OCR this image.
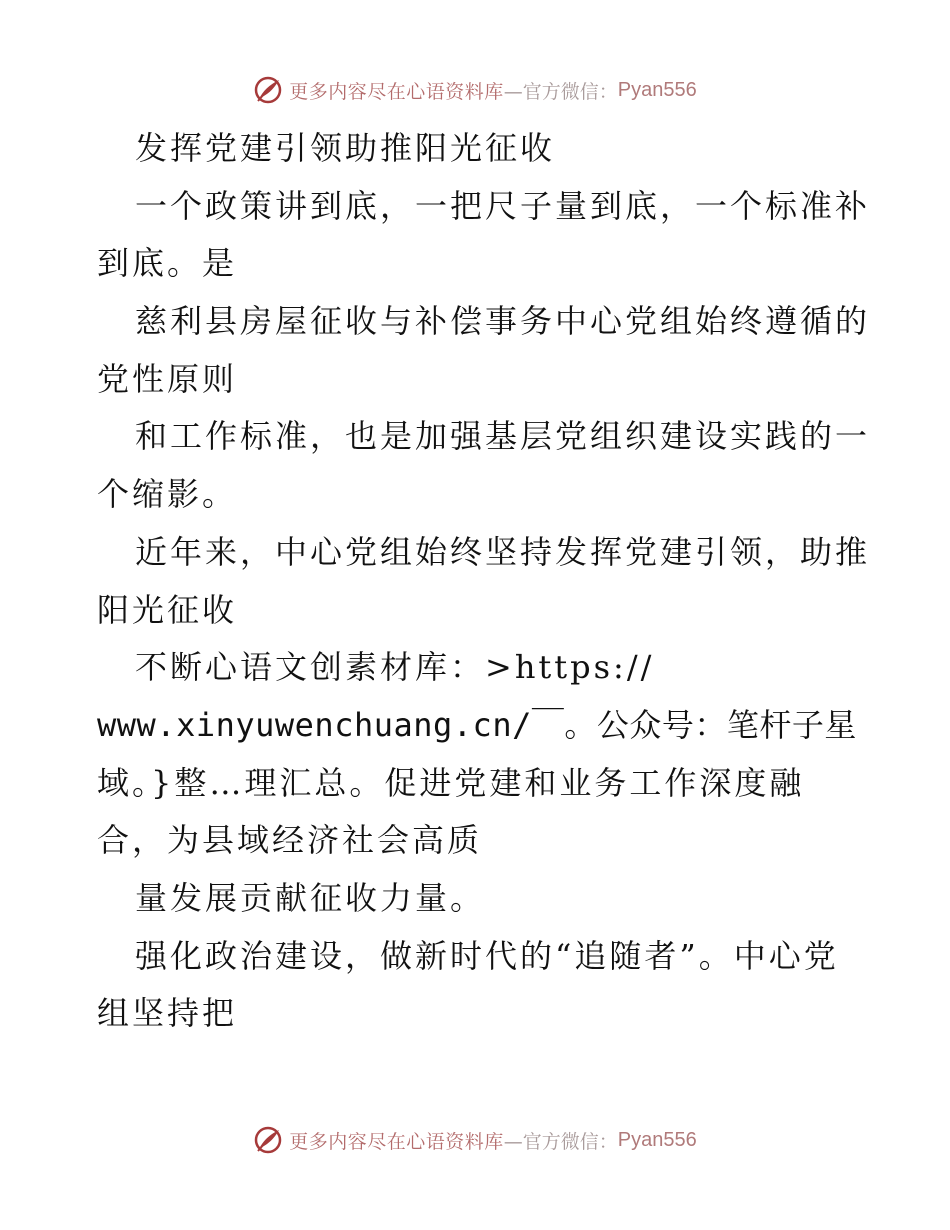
更多内容尽在心语资料库 —官方微信： Pyan556
发挥党建引领助推阳光征收
一个政策讲到底，一把尺子量到底，一个标准补
到底。是
慈利县房屋征收与补偿事务中心党组始终遵循的
党性原则
和工作标准，也是加强基层党组织建设实践的一
个缩影。
近年来，中心党组始终坚持发挥党建引领，助推
阳光征收
不断心语文创素材库：>https://
www.xinyuwenchuang.cn/￣。公众号：笔杆子星
域。}整…理汇总。促进党建和业务工作深度融
合，为县域经济社会高质
量发展贡献征收力量。
强化政治建设，做新时代的“追随者”。中心党
组坚持把
更多内容尽在心语资料库 —官方微信： Pyan556
